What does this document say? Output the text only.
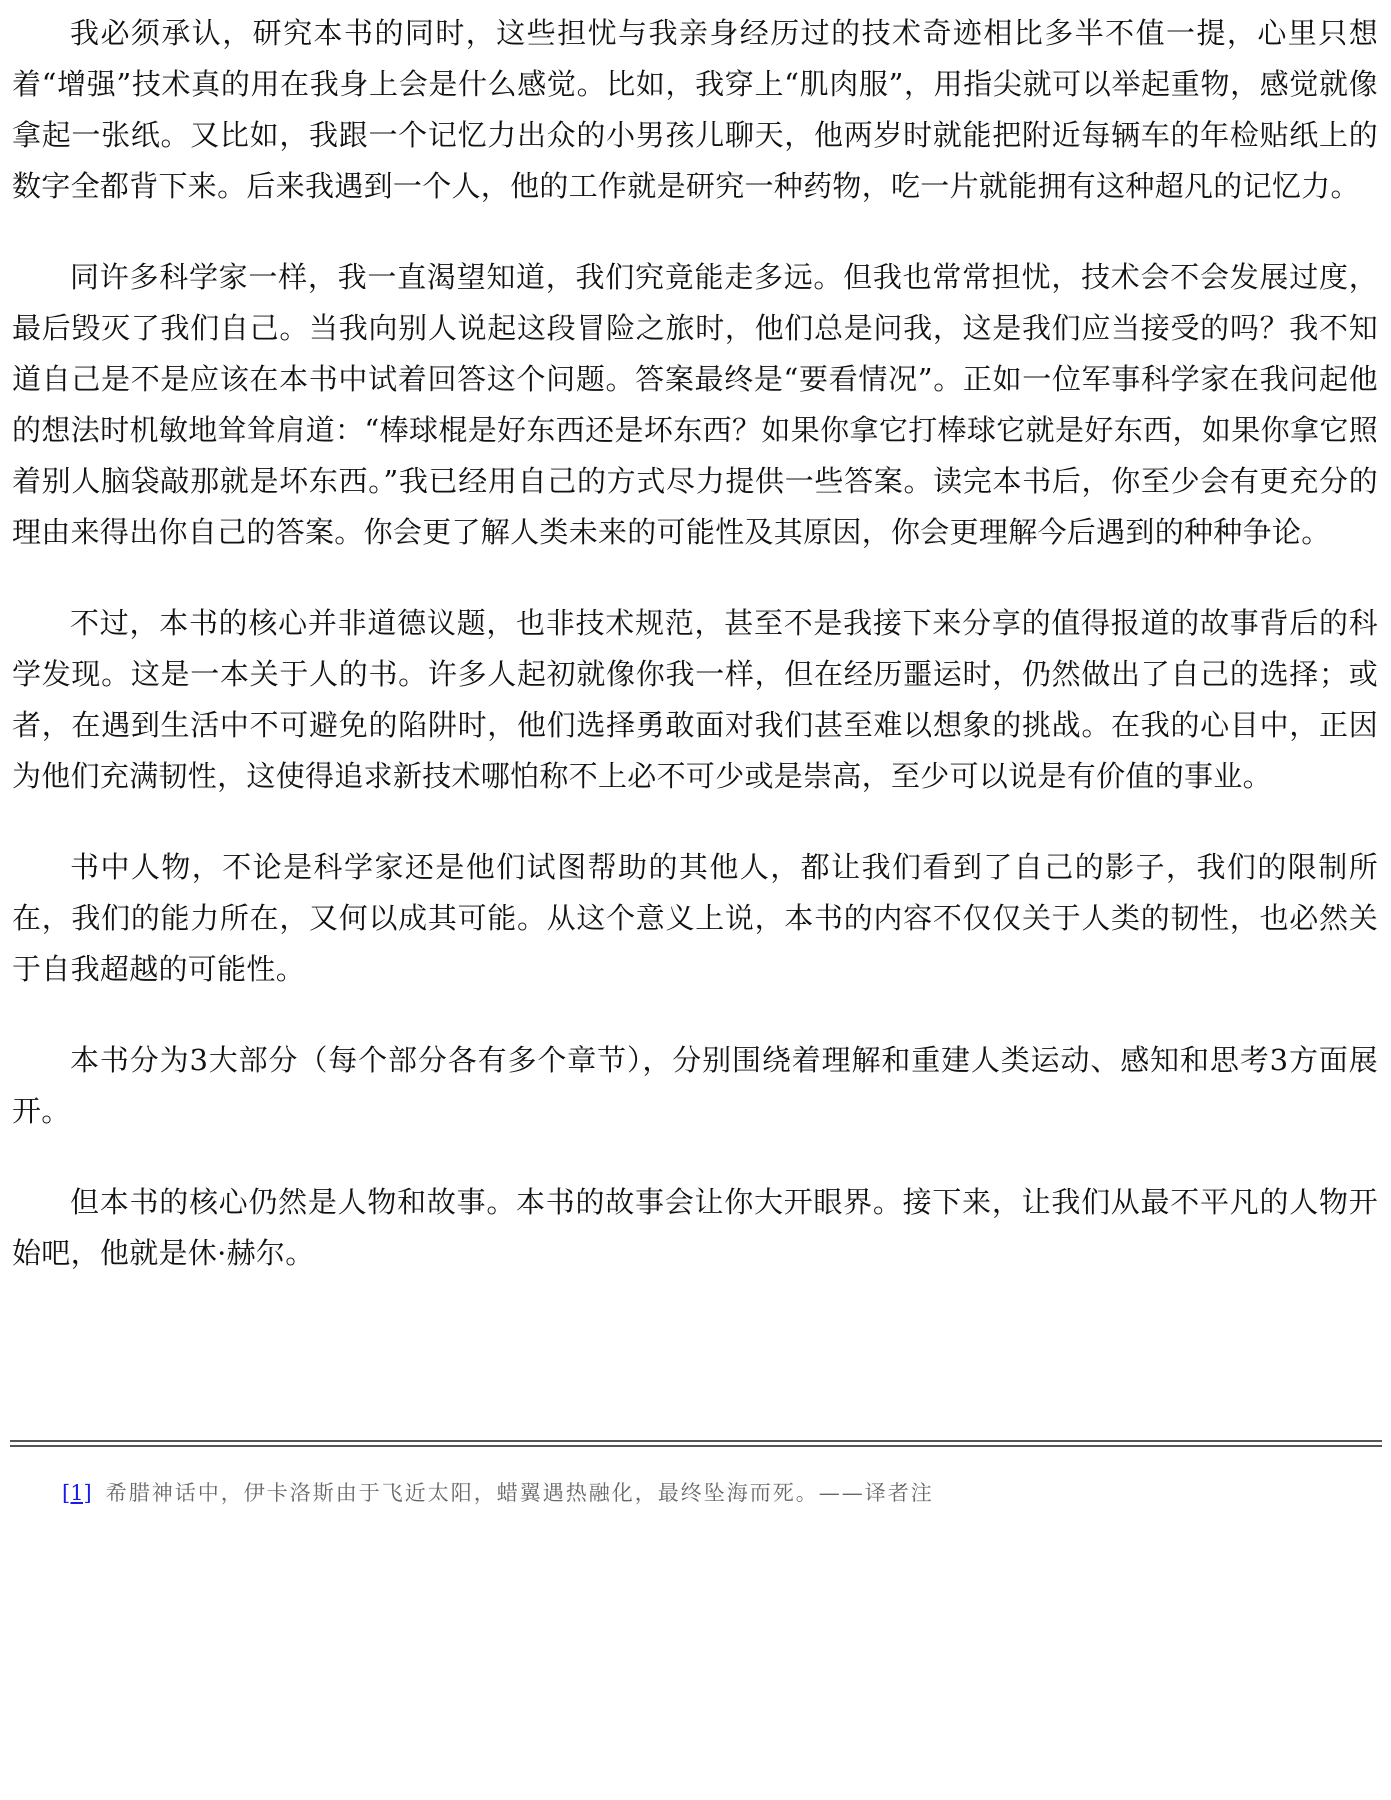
我必须承认，研究本书的同时，这些担忧与我亲身经历过的技术奇迹相比多半不值一提，心里只想着“增强”技术真的用在我身上会是什么感觉。比如，我穿上“肌肉服”，用指尖就可以举起重物，感觉就像拿起一张纸。又比如，我跟一个记忆力出众的小男孩儿聊天，他两岁时就能把附近每辆车的年检贴纸上的数字全都背下来。后来我遇到一个人，他的工作就是研究一种药物，吃一片就能拥有这种超凡的记忆力。

同许多科学家一样，我一直渴望知道，我们究竟能走多远。但我也常常担忧，技术会不会发展过度，最后毁灭了我们自己。当我向别人说起这段冒险之旅时，他们总是问我，这是我们应当接受的吗？我不知道自己是不是应该在本书中试着回答这个问题。答案最终是“要看情况”。正如一位军事科学家在我问起他的想法时机敏地耸耸肩道：“棒球棍是好东西还是坏东西？如果你拿它打棒球它就是好东西，如果你拿它照着别人脑袋敲那就是坏东西。”我已经用自己的方式尽力提供一些答案。读完本书后，你至少会有更充分的理由来得出你自己的答案。你会更了解人类未来的可能性及其原因，你会更理解今后遇到的种种争论。

不过，本书的核心并非道德议题，也非技术规范，甚至不是我接下来分享的值得报道的故事背后的科学发现。这是一本关于人的书。许多人起初就像你我一样，但在经历噩运时，仍然做出了自己的选择；或者，在遇到生活中不可避免的陷阱时，他们选择勇敢面对我们甚至难以想象的挑战。在我的心目中，正因为他们充满韧性，这使得追求新技术哪怕称不上必不可少或是崇高，至少可以说是有价值的事业。

书中人物，不论是科学家还是他们试图帮助的其他人，都让我们看到了自己的影子，我们的限制所在，我们的能力所在，又何以成其可能。从这个意义上说，本书的内容不仅仅关于人类的韧性，也必然关于自我超越的可能性。

本书分为3大部分（每个部分各有多个章节），分别围绕着理解和重建人类运动、感知和思考3方面展开。

但本书的核心仍然是人物和故事。本书的故事会让你大开眼界。接下来，让我们从最不平凡的人物开始吧，他就是休·赫尔。

[1] 希腊神话中，伊卡洛斯由于飞近太阳，蜡翼遇热融化，最终坠海而死。——译者注
